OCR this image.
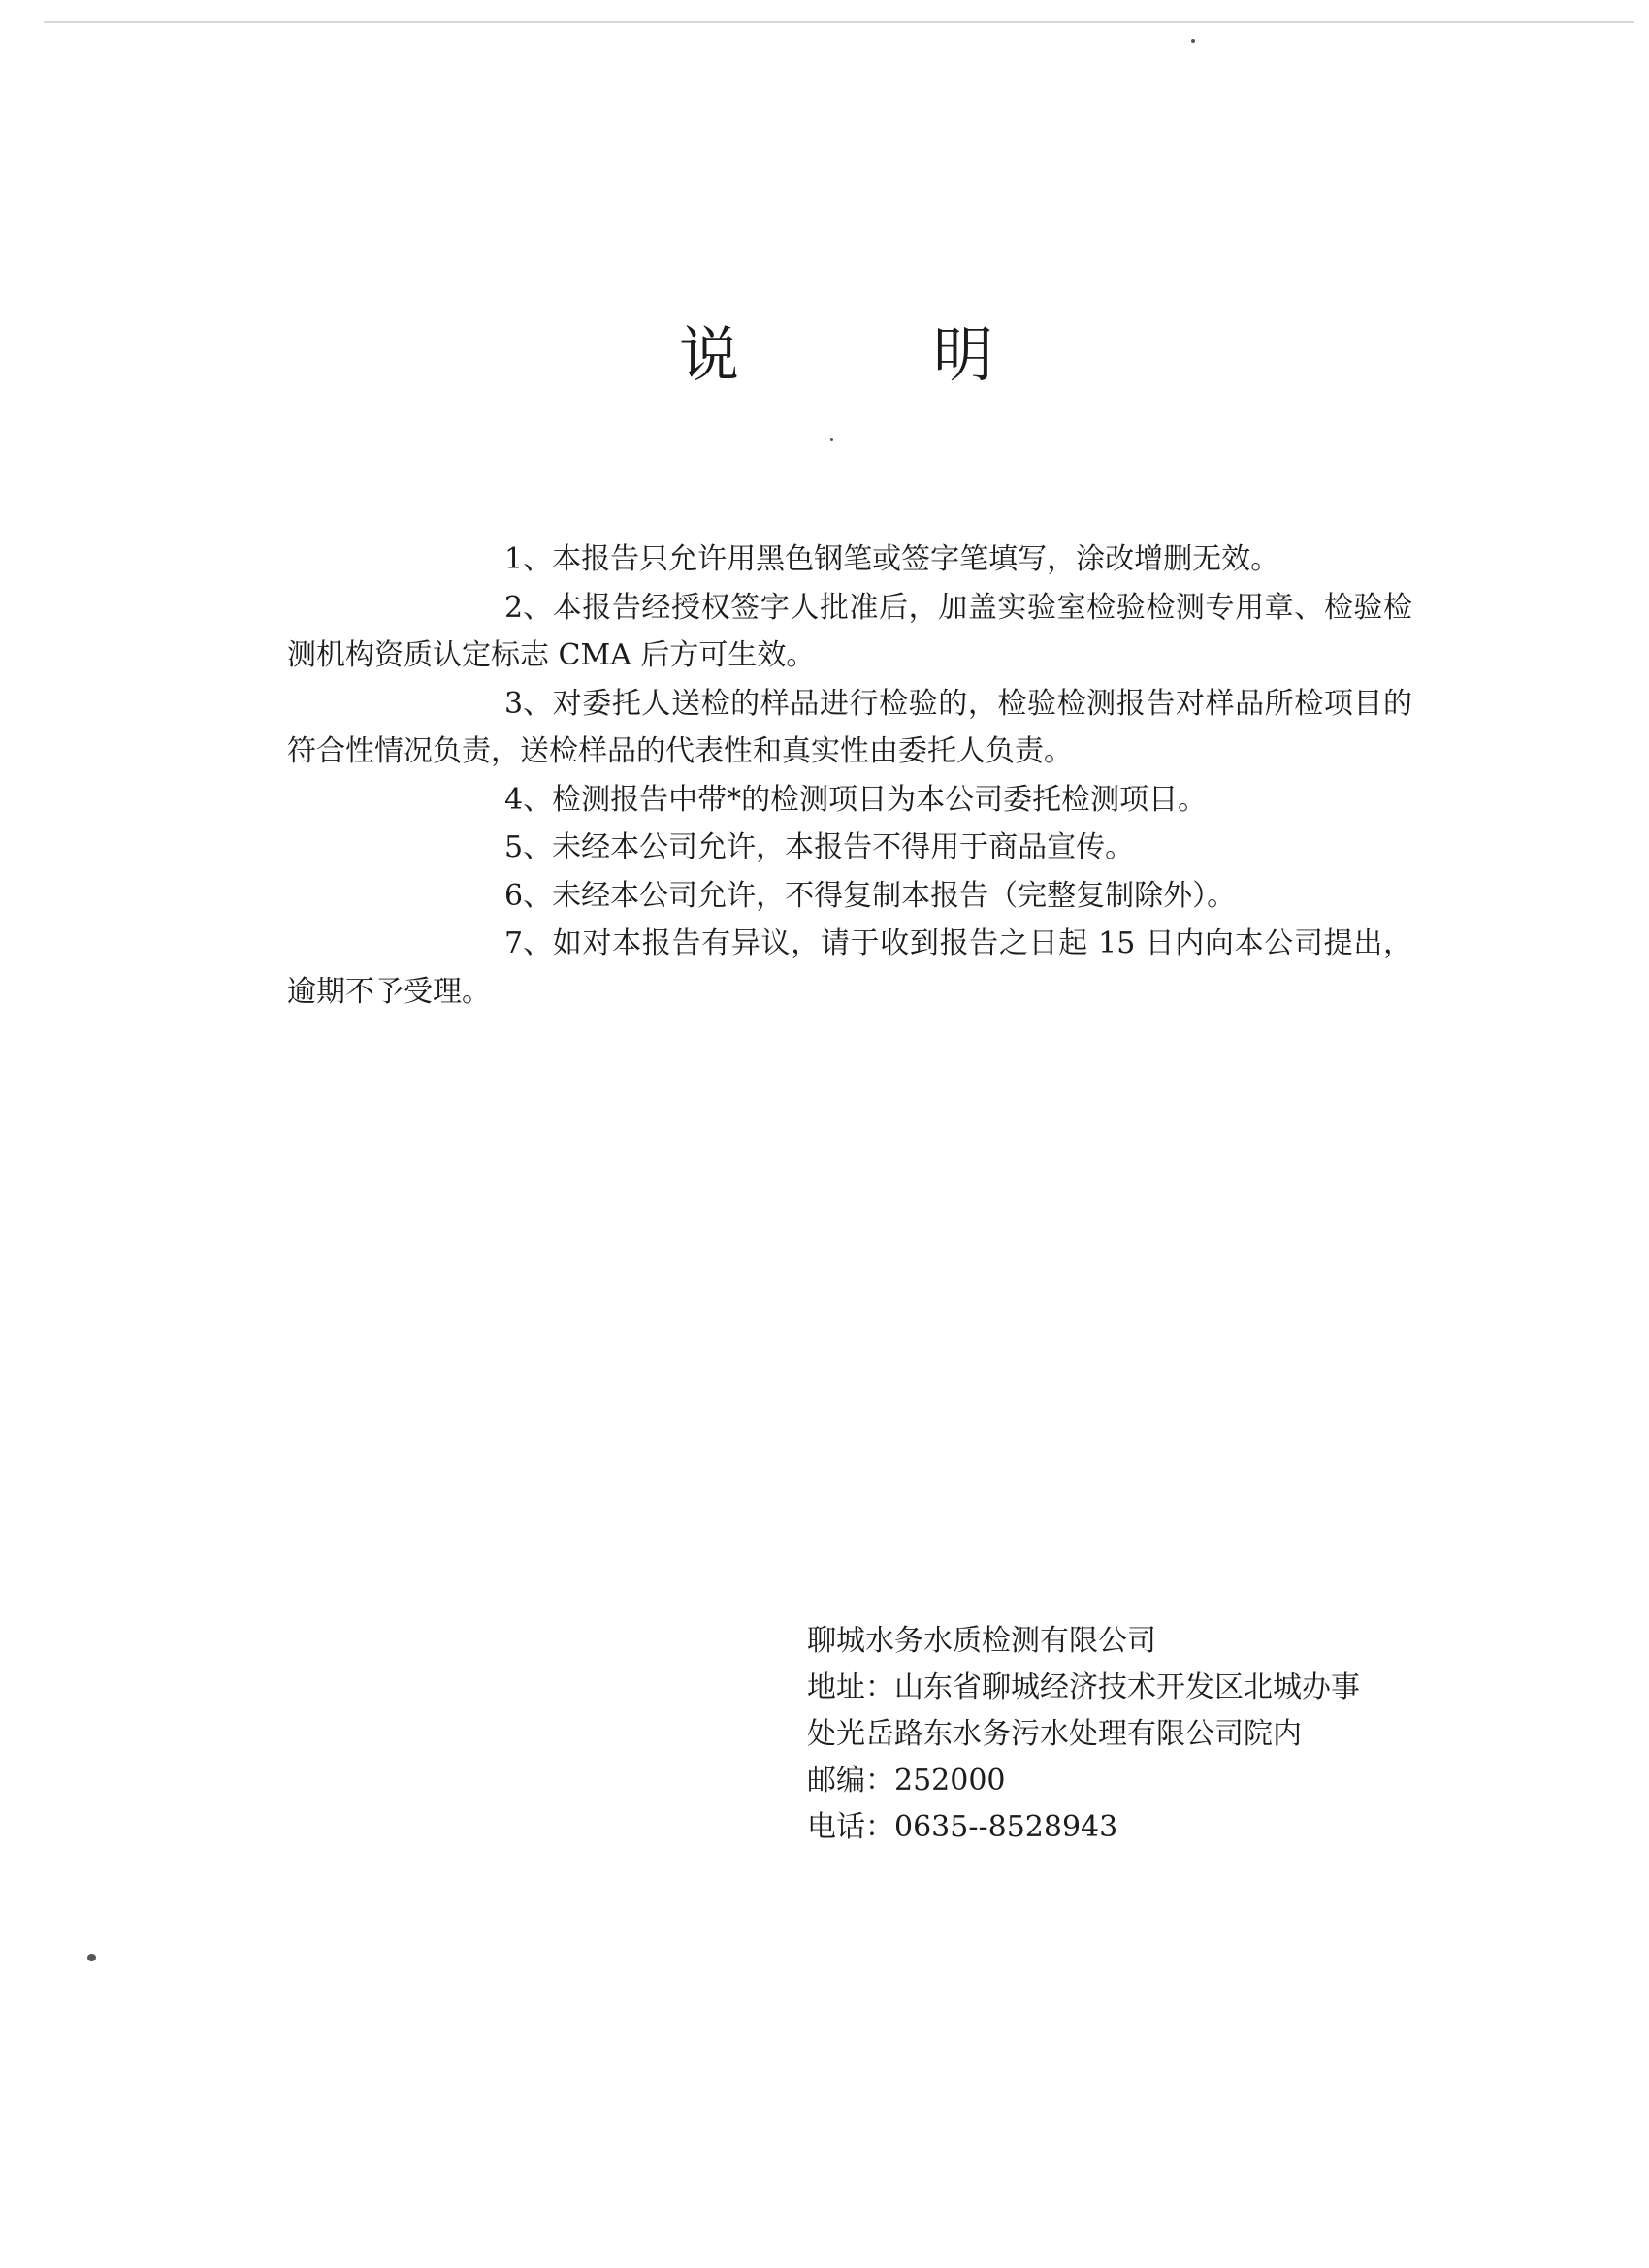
说	明

1、本报告只允许用黑色钢笔或签字笔填写，涂改增删无效。

2、本报告经授权签字人批准后，加盖实验室检验检测专用章、检验检测机构资质认定标志 CMA 后方可生效。

3、对委托人送检的样品进行检验的，检验检测报告对样品所检项目的符合性情况负责，送检样品的代表性和真实性由委托人负责。

4、检测报告中带*的检测项目为本公司委托检测项目。

5、未经本公司允许，本报告不得用于商品宣传。

6、未经本公司允许，不得复制本报告（完整复制除外）。

7、如对本报告有异议，请于收到报告之日起 15 日内向本公司提出，逾期不予受理。

聊城水务水质检测有限公司
地址：山东省聊城经济技术开发区北城办事
处光岳路东水务污水处理有限公司院内
邮编：252000
电话：0635--8528943
